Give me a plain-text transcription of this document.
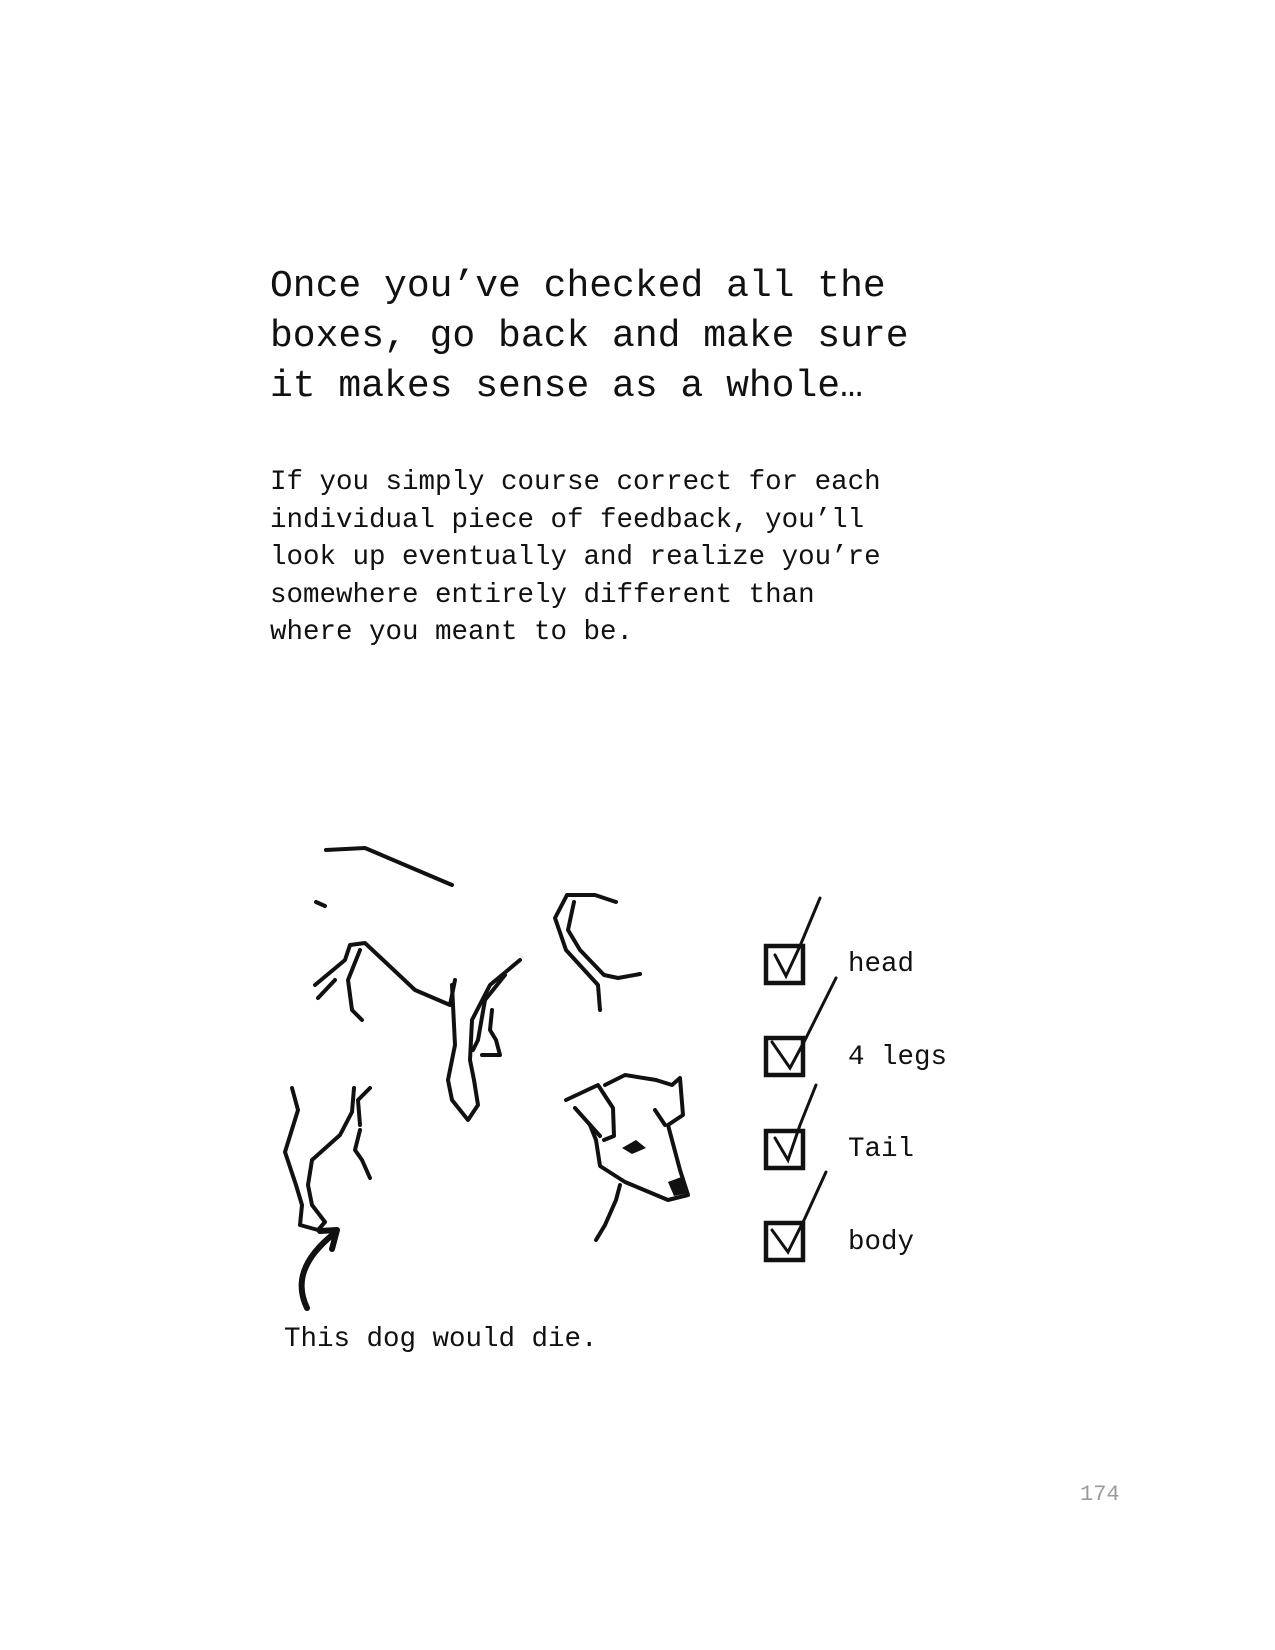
Once you’ve checked all the
boxes, go back and make sure
it makes sense as a whole…

If you simply course correct for each
individual piece of feedback, you’ll
look up eventually and realize you’re
somewhere entirely different than
where you meant to be.

head
4 legs
Tail
body
This dog would die.
174
